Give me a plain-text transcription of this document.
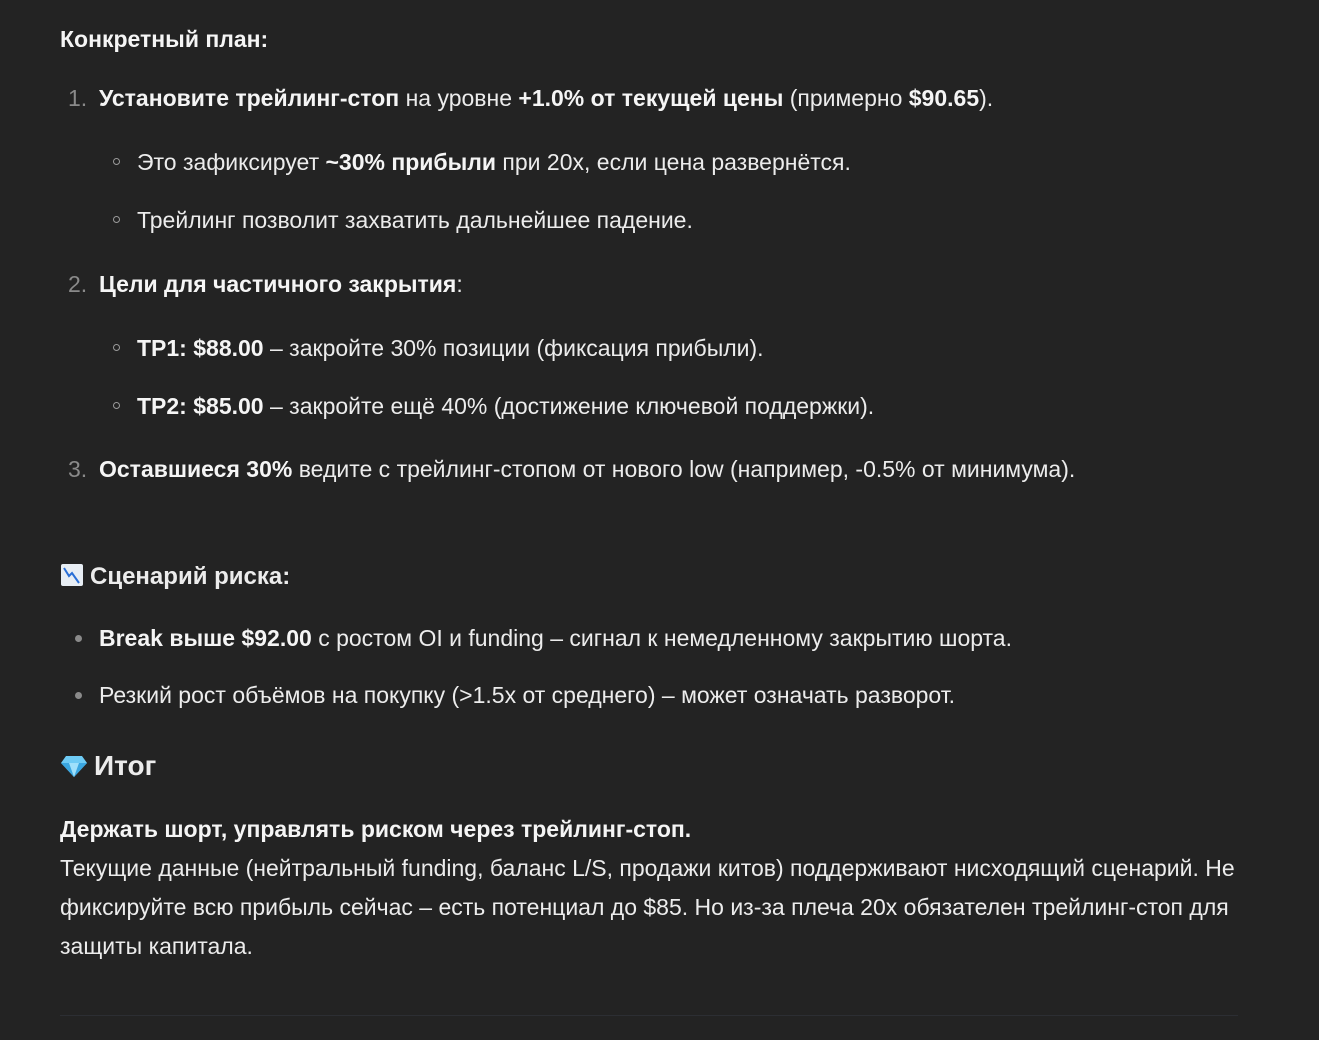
Конкретный план:
1. Установите трейлинг-стоп на уровне +1.0% от текущей цены (примерно $90.65).
Это зафиксирует ~30% прибыли при 20x, если цена развернётся.
Трейлинг позволит захватить дальнейшее падение.
2. Цели для частичного закрытия:
TP1: $88.00 – закройте 30% позиции (фиксация прибыли).
TP2: $85.00 – закройте ещё 40% (достижение ключевой поддержки).
3. Оставшиеся 30% ведите с трейлинг-стопом от нового low (например, -0.5% от минимума).
Сценарий риска:
Break выше $92.00 с ростом OI и funding – сигнал к немедленному закрытию шорта.
Резкий рост объёмов на покупку (>1.5x от среднего) – может означать разворот.
Итог
Держать шорт, управлять риском через трейлинг-стоп.
Текущие данные (нейтральный funding, баланс L/S, продажи китов) поддерживают нисходящий сценарий. Не фиксируйте всю прибыль сейчас – есть потенциал до $85. Но из-за плеча 20x обязателен трейлинг-стоп для защиты капитала.
